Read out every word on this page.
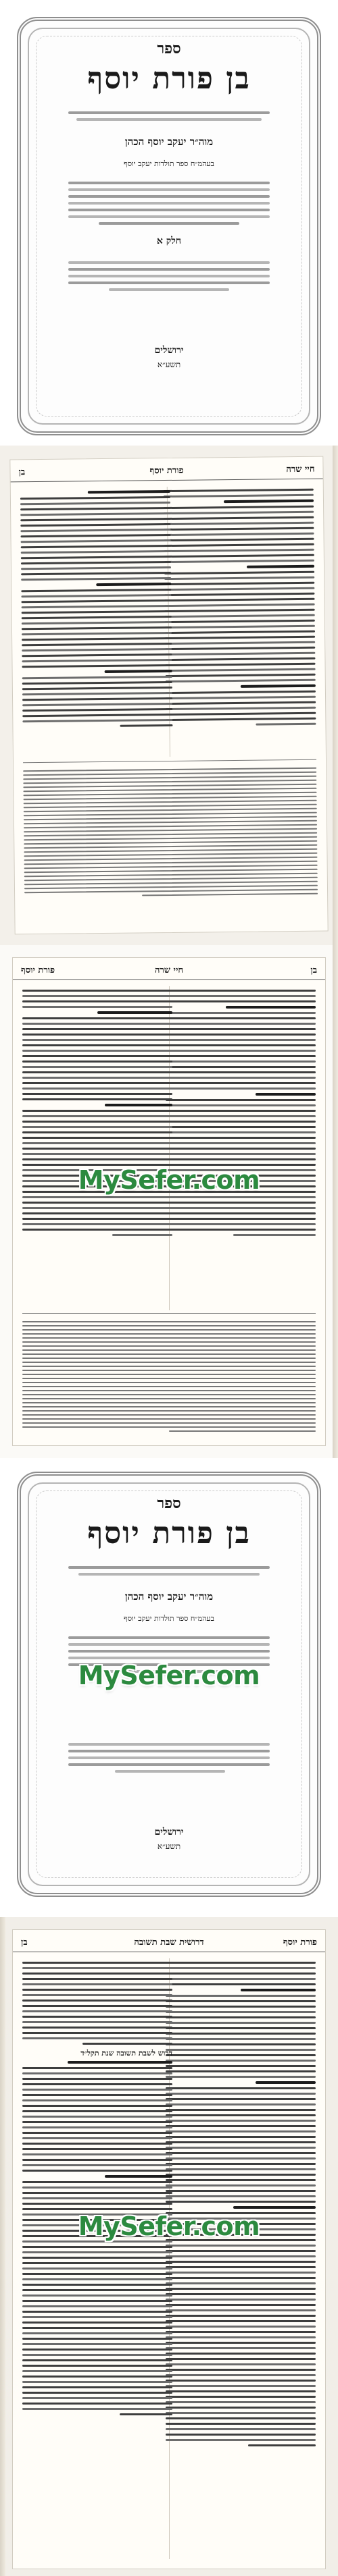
ספר
בן פורת יוסף
מוה״ר יעקב יוסף הכהן
בעהמ״ח ספר תולדות יעקב יוסף
חלק א
ירושלים
תשע״א
חיי שרה
פורת יוסף
בן
בן
חיי שרה
פורת יוסף
MySefer.com
ספר
בן פורת יוסף
מוה״ר יעקב יוסף הכהן
בעהמ״ח ספר תולדות יעקב יוסף
ירושלים
תשע״א
MySefer.com
פורת יוסף
דרושית שבת תשובה
בן
דרוש לשבת תשובה שנת תקל״ד
MySefer.com
